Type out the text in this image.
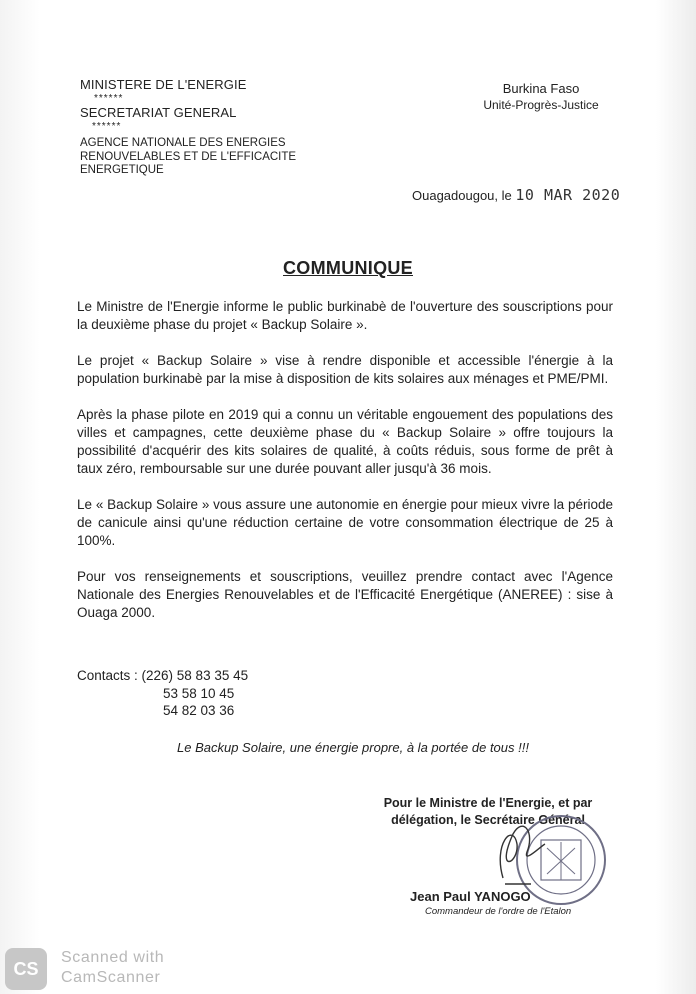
MINISTERE DE L'ENERGIE
******
SECRETARIAT GENERAL
******
AGENCE NATIONALE DES ENERGIES RENOUVELABLES ET DE L'EFFICACITE ENERGETIQUE
Burkina Faso
Unité-Progrès-Justice
Ouagadougou, le 10 MAR 2020
COMMUNIQUE

Le Ministre de l'Energie informe le public burkinabè de l'ouverture des souscriptions pour la deuxième phase du projet « Backup Solaire ».

Le projet « Backup Solaire » vise à rendre disponible et accessible l'énergie à la population burkinabè par la mise à disposition de kits solaires aux ménages et PME/PMI.

Après la phase pilote en 2019 qui a connu un véritable engouement des populations des villes et campagnes, cette deuxième phase du « Backup Solaire » offre toujours la possibilité d'acquérir des kits solaires de qualité, à coûts réduis, sous forme de prêt à taux zéro, remboursable sur une durée pouvant aller jusqu'à 36 mois.

Le « Backup Solaire » vous assure une autonomie en énergie pour mieux vivre la période de canicule ainsi qu'une réduction certaine de votre consommation électrique de 25 à 100%.

Pour vos renseignements et souscriptions, veuillez prendre contact avec l'Agence Nationale des Energies Renouvelables et de l'Efficacité Energétique (ANEREE) : sise à Ouaga 2000.

Contacts : (226) 58 83 35 45
53 58 10 45
54 82 03 36
Le Backup Solaire, une énergie propre, à la portée de tous !!!
Pour le Ministre de l'Energie, et par
délégation, le Secrétaire Général
Jean Paul YANOGO
Commandeur de l'ordre de l'Etalon
CS
Scanned with
CamScanner
